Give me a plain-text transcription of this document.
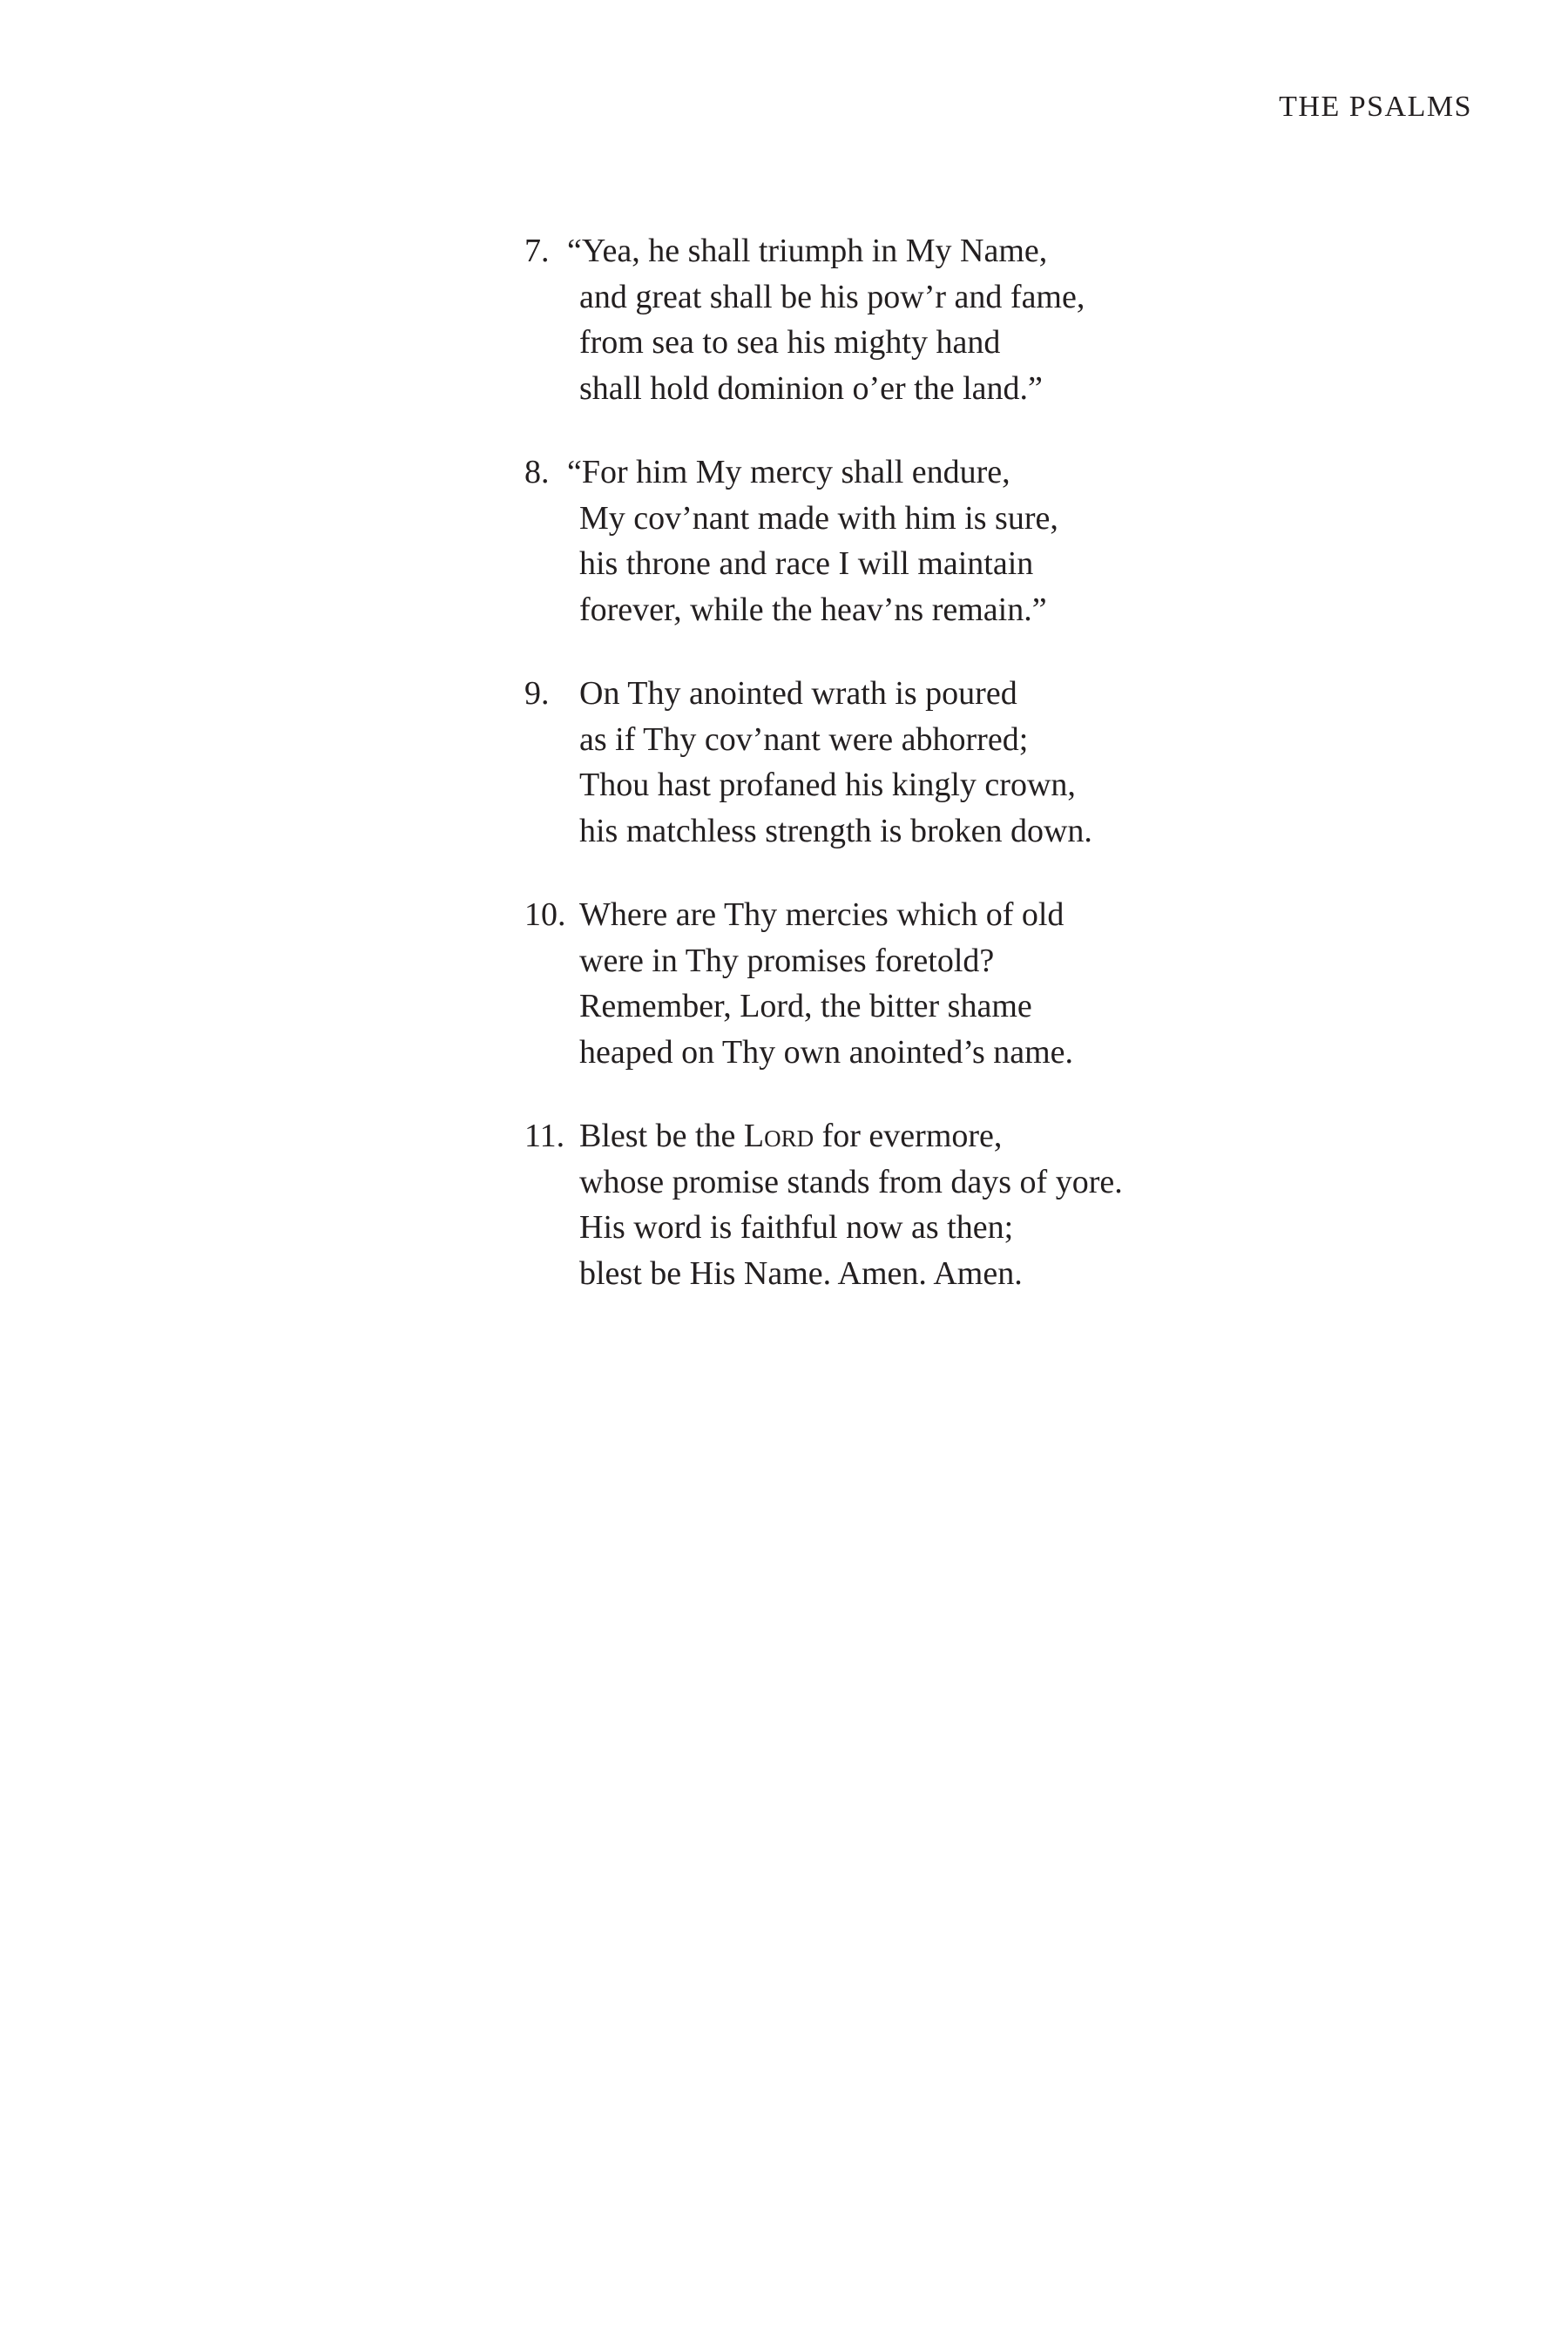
THE PSALMS
7. “Yea, he shall triumph in My Name,
and great shall be his pow’r and fame,
from sea to sea his mighty hand
shall hold dominion o’er the land.”
8. “For him My mercy shall endure,
My cov’nant made with him is sure,
his throne and race I will maintain
forever, while the heav’ns remain.”
9. On Thy anointed wrath is poured
as if Thy cov’nant were abhorred;
Thou hast profaned his kingly crown,
his matchless strength is broken down.
10. Where are Thy mercies which of old
were in Thy promises foretold?
Remember, Lord, the bitter shame
heaped on Thy own anointed’s name.
11. Blest be the Lord for evermore,
whose promise stands from days of yore.
His word is faithful now as then;
blest be His Name. Amen. Amen.
